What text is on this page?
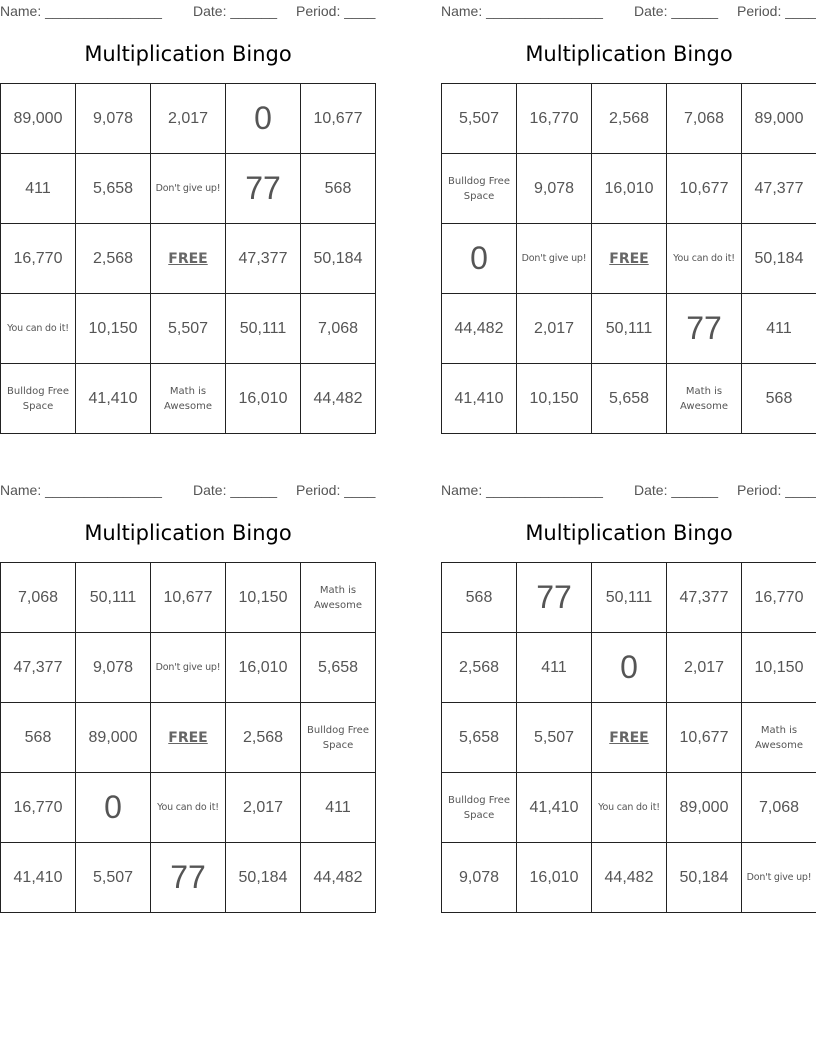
Name: _______________ Date: ______ Period: ____
Multiplication Bingo
89,000	9,078	2,017	0	10,677
411	5,658	Don't give up!	77	568
16,770	2,568	FREE	47,377	50,184
You can do it!	10,150	5,507	50,111	7,068
Bulldog Free Space	41,410	Math is Awesome	16,010	44,482
Name: _______________ Date: ______ Period: ____
Multiplication Bingo
5,507	16,770	2,568	7,068	89,000
Bulldog Free Space	9,078	16,010	10,677	47,377
0	Don't give up!	FREE	You can do it!	50,184
44,482	2,017	50,111	77	411
41,410	10,150	5,658	Math is Awesome	568
Name: _______________ Date: ______ Period: ____
Multiplication Bingo
7,068	50,111	10,677	10,150	Math is Awesome
47,377	9,078	Don't give up!	16,010	5,658
568	89,000	FREE	2,568	Bulldog Free Space
16,770	0	You can do it!	2,017	411
41,410	5,507	77	50,184	44,482
Name: _______________ Date: ______ Period: ____
Multiplication Bingo
568	77	50,111	47,377	16,770
2,568	411	0	2,017	10,150
5,658	5,507	FREE	10,677	Math is Awesome
Bulldog Free Space	41,410	You can do it!	89,000	7,068
9,078	16,010	44,482	50,184	Don't give up!
